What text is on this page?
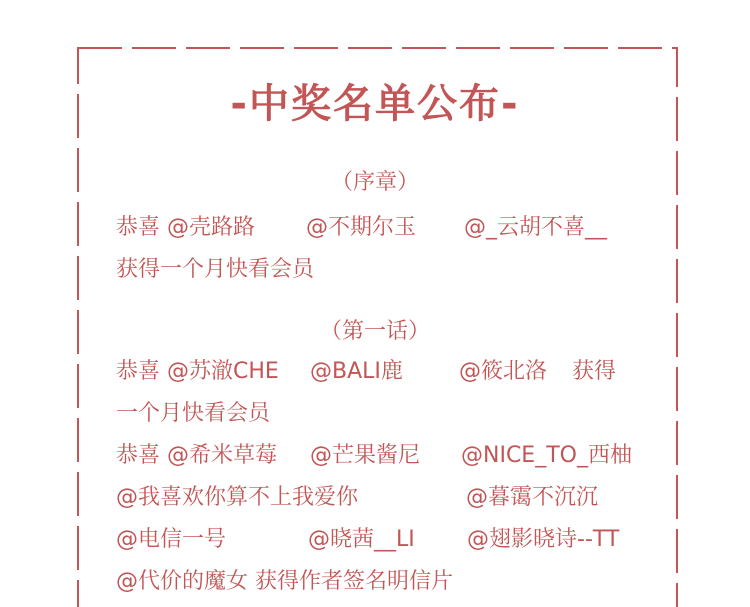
-中奖名单公布-
（序章）
恭喜 @壳路路 @不期尔玉 @_云胡不喜__
获得一个月快看会员
（第一话）
恭喜 @苏澈CHE @BALI鹿	@筱北洛 获得
一个月快看会员
恭喜 @希米草莓 @芒果酱尼 @NICE_TO_西柚
@我喜欢你算不上我爱你	@暮霭不沉沉
@电信一号	@晓茜__LI @翅影晓诗--TT
@代价的魔女 获得作者签名明信片
